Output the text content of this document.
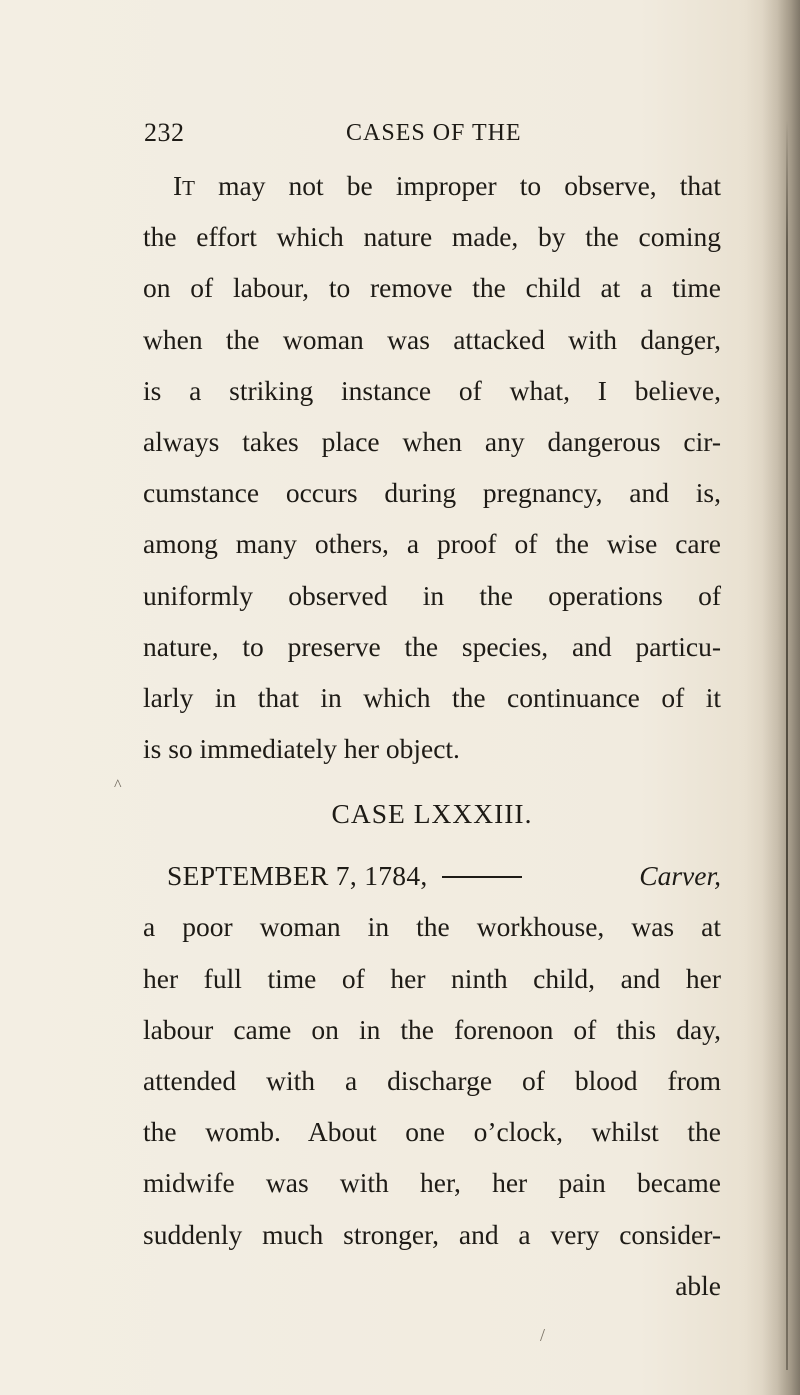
232	CASES OF THE
^
IT may not be improper to observe, that
the effort which nature made, by the coming
on of labour, to remove the child at a time
when the woman was attacked with danger,
is a striking instance of what, I believe,
always takes place when any dangerous cir-
cumstance occurs during pregnancy, and is,
among many others, a proof of the wise care
uniformly observed in the operations of
nature, to preserve the species, and particu-
larly in that in which the continuance of it
is so immediately her object.
CASE LXXXIII.
SEPTEMBER 7, 1784,	Carver,
a poor woman in the workhouse, was at
her full time of her ninth child, and her
labour came on in the forenoon of this day,
attended with a discharge of blood from
the womb. About one o’clock, whilst the
midwife was with her, her pain became
suddenly much stronger, and a very consider-
able
/
